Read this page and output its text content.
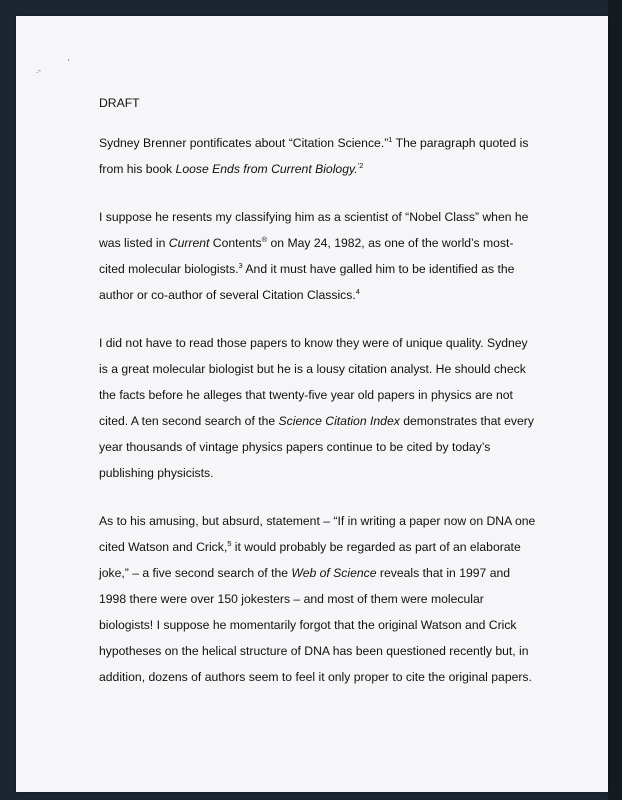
.-
'

DRAFT

Sydney Brenner pontificates about “Citation Science.”$^1$ The paragraph quoted is from his book Loose Ends from Current Biology.$^{’2}$

I suppose he resents my classifying him as a scientist of “Nobel Class” when he was listed in Current Contents® on May 24, 1982, as one of the world’s most-cited molecular biologists.$^3$ And it must have galled him to be identified as the author or co-author of several Citation Classics.$^4$

I did not have to read those papers to know they were of unique quality. Sydney is a great molecular biologist but he is a lousy citation analyst. He should check the facts before he alleges that twenty-five year old papers in physics are not cited. A ten second search of the Science Citation Index demonstrates that every year thousands of vintage physics papers continue to be cited by today’s publishing physicists.

As to his amusing, but absurd, statement – “If in writing a paper now on DNA one cited Watson and Crick,$^5$ it would probably be regarded as part of an elaborate joke,” – a five second search of the Web of Science reveals that in 1997 and 1998 there were over 150 jokesters – and most of them were molecular biologists! I suppose he momentarily forgot that the original Watson and Crick hypotheses on the helical structure of DNA has been questioned recently but, in addition, dozens of authors seem to feel it only proper to cite the original papers.
